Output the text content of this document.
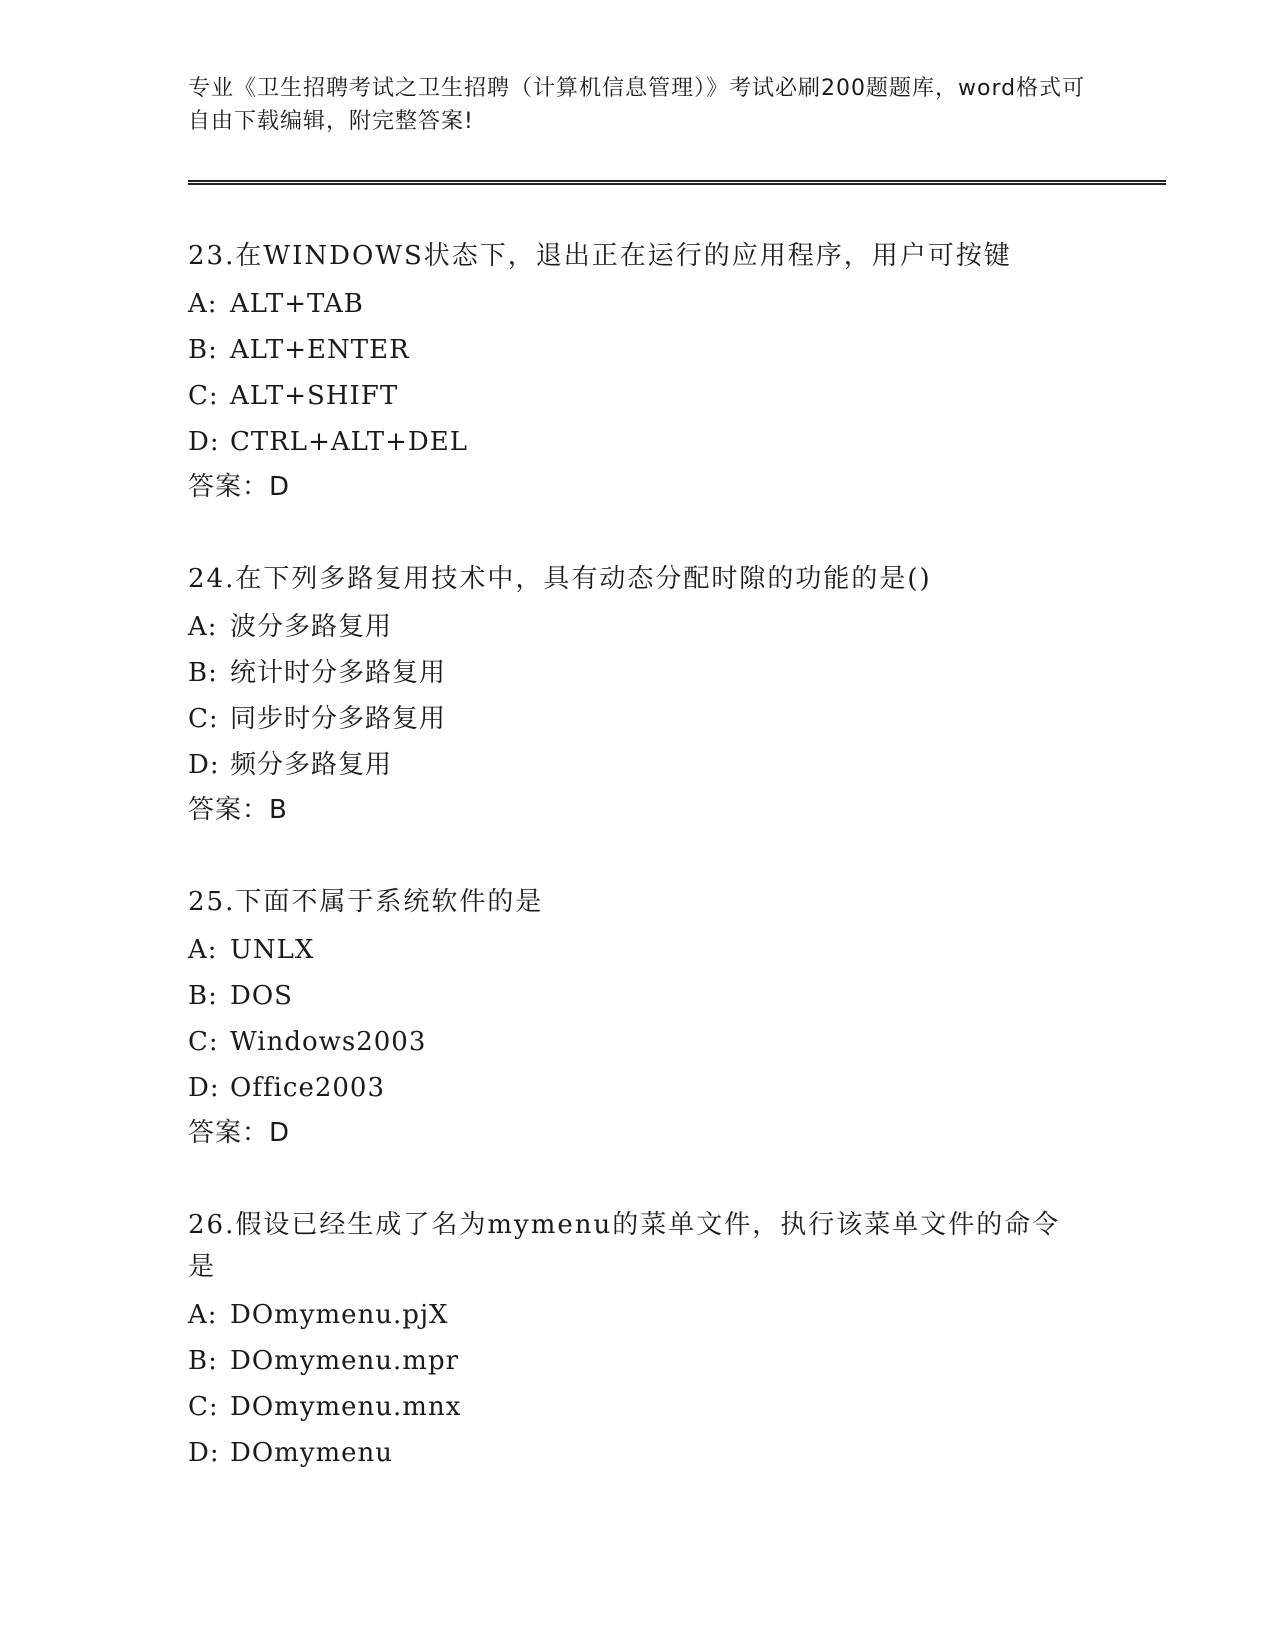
专业《卫生招聘考试之卫生招聘（计算机信息管理）》考试必刷200题题库，word格式可自由下载编辑，附完整答案!
23.在WINDOWS状态下，退出正在运行的应用程序，用户可按键
A: ALT+TAB
B: ALT+ENTER
C: ALT+SHIFT
D: CTRL+ALT+DEL
答案：D
24.在下列多路复用技术中，具有动态分配时隙的功能的是()
A: 波分多路复用
B: 统计时分多路复用
C: 同步时分多路复用
D: 频分多路复用
答案：B
25.下面不属于系统软件的是
A: UNLX
B: DOS
C: Windows2003
D: Office2003
答案：D
26.假设已经生成了名为mymenu的菜单文件，执行该菜单文件的命令是
A: DOmymenu.pjX
B: DOmymenu.mpr
C: DOmymenu.mnx
D: DOmymenu
